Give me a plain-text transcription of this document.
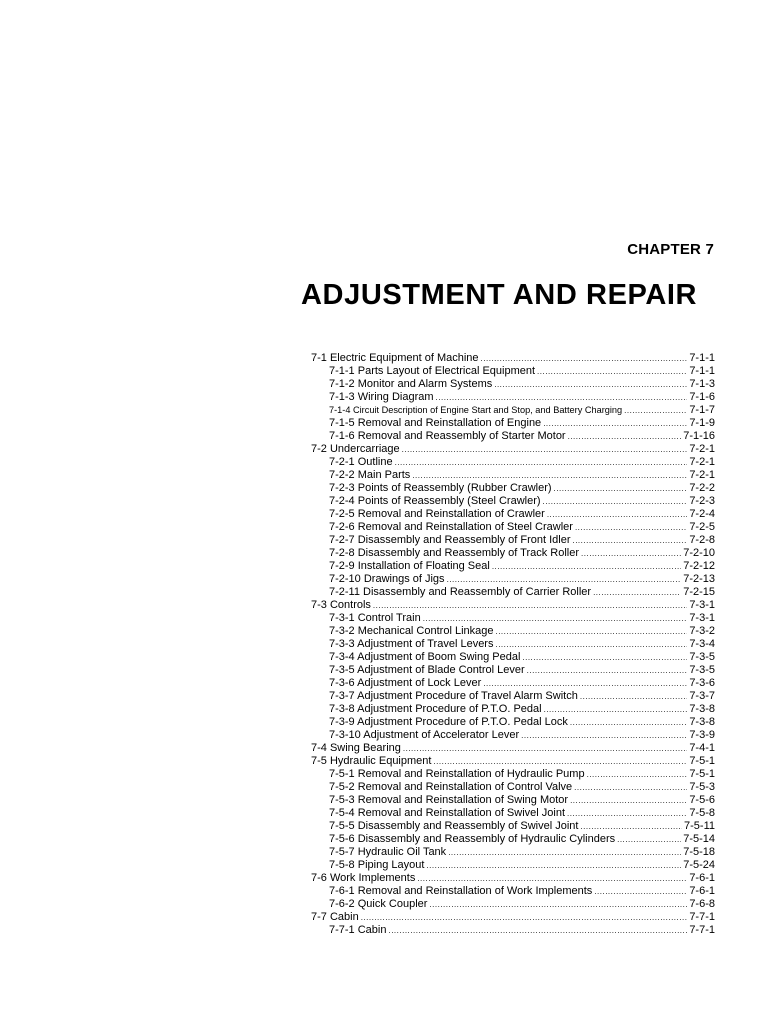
CHAPTER 7
ADJUSTMENT AND REPAIR
7-1 Electric Equipment of Machine .....	7-1-1
7-1-1 Parts Layout of Electrical Equipment .....	7-1-1
7-1-2 Monitor and Alarm Systems .....	7-1-3
7-1-3 Wiring Diagram .....	7-1-6
7-1-4 Circuit Description of Engine Start and Stop, and Battery Charging .....	7-1-7
7-1-5 Removal and Reinstallation of Engine .....	7-1-9
7-1-6 Removal and Reassembly of Starter Motor .....	7-1-16
7-2 Undercarriage .....	7-2-1
7-2-1 Outline .....	7-2-1
7-2-2 Main Parts .....	7-2-1
7-2-3 Points of Reassembly (Rubber Crawler) .....	7-2-2
7-2-4 Points of Reassembly (Steel Crawler) .....	7-2-3
7-2-5 Removal and Reinstallation of Crawler .....	7-2-4
7-2-6 Removal and Reinstallation of Steel Crawler .....	7-2-5
7-2-7 Disassembly and Reassembly of Front Idler .....	7-2-8
7-2-8 Disassembly and Reassembly of Track Roller .....	7-2-10
7-2-9 Installation of Floating Seal .....	7-2-12
7-2-10 Drawings of Jigs .....	7-2-13
7-2-11 Disassembly and Reassembly of Carrier Roller .....	7-2-15
7-3 Controls .....	7-3-1
7-3-1 Control Train .....	7-3-1
7-3-2 Mechanical Control Linkage .....	7-3-2
7-3-3 Adjustment of Travel Levers .....	7-3-4
7-3-4 Adjustment of Boom Swing Pedal .....	7-3-5
7-3-5 Adjustment of Blade Control Lever .....	7-3-5
7-3-6 Adjustment of Lock Lever .....	7-3-6
7-3-7 Adjustment Procedure of Travel Alarm Switch .....	7-3-7
7-3-8 Adjustment Procedure of P.T.O. Pedal .....	7-3-8
7-3-9 Adjustment Procedure of P.T.O. Pedal Lock .....	7-3-8
7-3-10 Adjustment of Accelerator Lever .....	7-3-9
7-4 Swing Bearing .....	7-4-1
7-5 Hydraulic Equipment .....	7-5-1
7-5-1 Removal and Reinstallation of Hydraulic Pump .....	7-5-1
7-5-2 Removal and Reinstallation of Control Valve .....	7-5-3
7-5-3 Removal and Reinstallation of Swing Motor .....	7-5-6
7-5-4 Removal and Reinstallation of Swivel Joint .....	7-5-8
7-5-5 Disassembly and Reassembly of Swivel Joint .....	7-5-11
7-5-6 Disassembly and Reassembly of Hydraulic Cylinders .....	7-5-14
7-5-7 Hydraulic Oil Tank .....	7-5-18
7-5-8 Piping Layout .....	7-5-24
7-6 Work Implements .....	7-6-1
7-6-1 Removal and Reinstallation of Work Implements .....	7-6-1
7-6-2 Quick Coupler .....	7-6-8
7-7 Cabin .....	7-7-1
7-7-1 Cabin .....	7-7-1
